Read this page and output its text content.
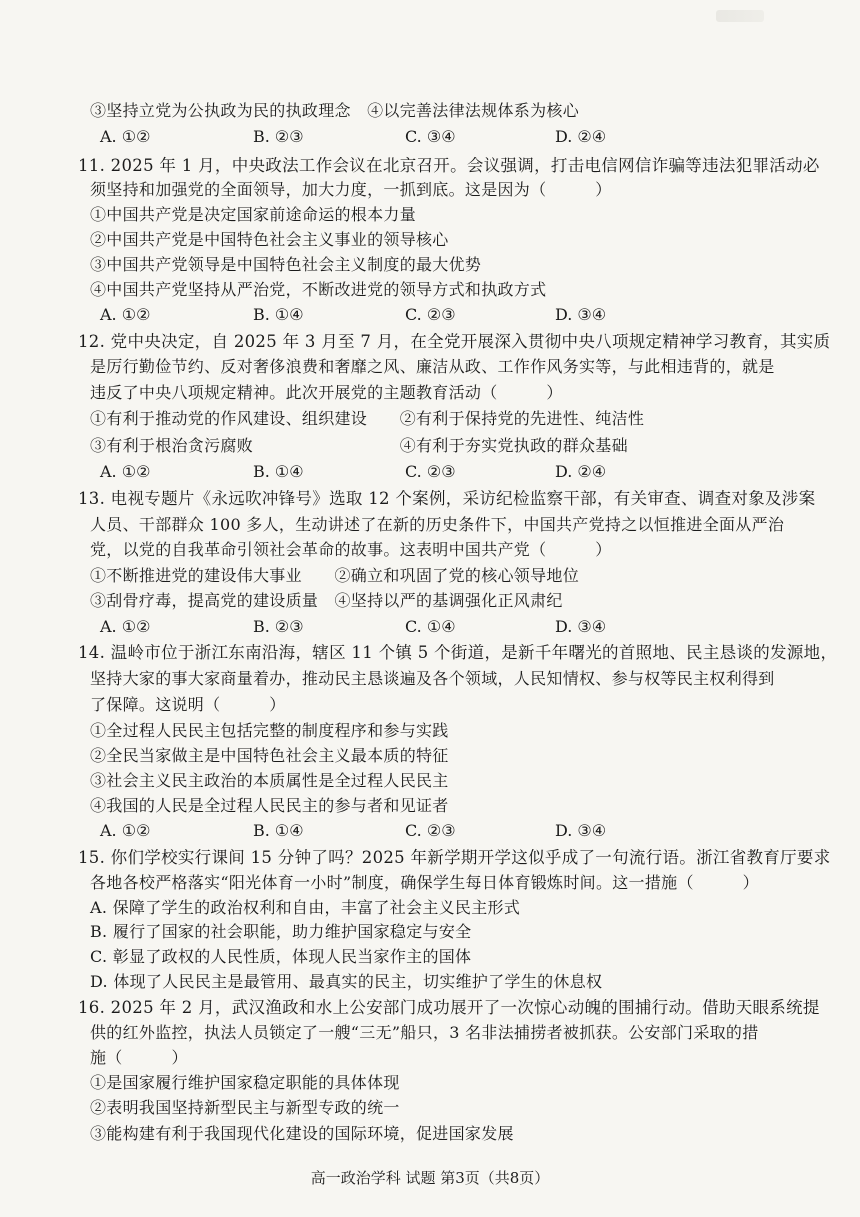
③坚持立党为公执政为民的执政理念　④以完善法律法规体系为核心
A. ①②	B. ②③	C. ③④	D. ②④
11. 2025 年 1 月，中央政法工作会议在北京召开。会议强调，打击电信网信诈骗等违法犯罪活动必
须坚持和加强党的全面领导，加大力度，一抓到底。这是因为（　　　）
①中国共产党是决定国家前途命运的根本力量
②中国共产党是中国特色社会主义事业的领导核心
③中国共产党领导是中国特色社会主义制度的最大优势
④中国共产党坚持从严治党，不断改进党的领导方式和执政方式
A. ①②	B. ①④	C. ②③	D. ③④
12. 党中央决定，自 2025 年 3 月至 7 月，在全党开展深入贯彻中央八项规定精神学习教育，其实质
是厉行勤俭节约、反对奢侈浪费和奢靡之风、廉洁从政、工作作风务实等，与此相违背的，就是
违反了中央八项规定精神。此次开展党的主题教育活动（　　　）
①有利于推动党的作风建设、组织建设　　②有利于保持党的先进性、纯洁性
③有利于根治贪污腐败　　　　　　　　　④有利于夯实党执政的群众基础
A. ①②	B. ①④	C. ②③	D. ②④
13. 电视专题片《永远吹冲锋号》选取 12 个案例，采访纪检监察干部，有关审查、调查对象及涉案
人员、干部群众 100 多人，生动讲述了在新的历史条件下，中国共产党持之以恒推进全面从严治
党，以党的自我革命引领社会革命的故事。这表明中国共产党（　　　）
①不断推进党的建设伟大事业　　②确立和巩固了党的核心领导地位
③刮骨疗毒，提高党的建设质量　④坚持以严的基调强化正风肃纪
A. ①②	B. ②③	C. ①④	D. ③④
14. 温岭市位于浙江东南沿海，辖区 11 个镇 5 个街道，是新千年曙光的首照地、民主恳谈的发源地，
坚持大家的事大家商量着办，推动民主恳谈遍及各个领域，人民知情权、参与权等民主权利得到
了保障。这说明（　　　）
①全过程人民民主包括完整的制度程序和参与实践
②全民当家做主是中国特色社会主义最本质的特征
③社会主义民主政治的本质属性是全过程人民民主
④我国的人民是全过程人民民主的参与者和见证者
A. ①②	B. ①④	C. ②③	D. ③④
15. 你们学校实行课间 15 分钟了吗？2025 年新学期开学这似乎成了一句流行语。浙江省教育厅要求
各地各校严格落实“阳光体育一小时”制度，确保学生每日体育锻炼时间。这一措施（　　　）
A. 保障了学生的政治权利和自由，丰富了社会主义民主形式
B. 履行了国家的社会职能，助力维护国家稳定与安全
C. 彰显了政权的人民性质，体现人民当家作主的国体
D. 体现了人民民主是最管用、最真实的民主，切实维护了学生的休息权
16. 2025 年 2 月，武汉渔政和水上公安部门成功展开了一次惊心动魄的围捕行动。借助天眼系统提
供的红外监控，执法人员锁定了一艘“三无”船只，3 名非法捕捞者被抓获。公安部门采取的措
施（　　　）
①是国家履行维护国家稳定职能的具体体现
②表明我国坚持新型民主与新型专政的统一
③能构建有利于我国现代化建设的国际环境，促进国家发展
高一政治学科 试题 第3页（共8页）
